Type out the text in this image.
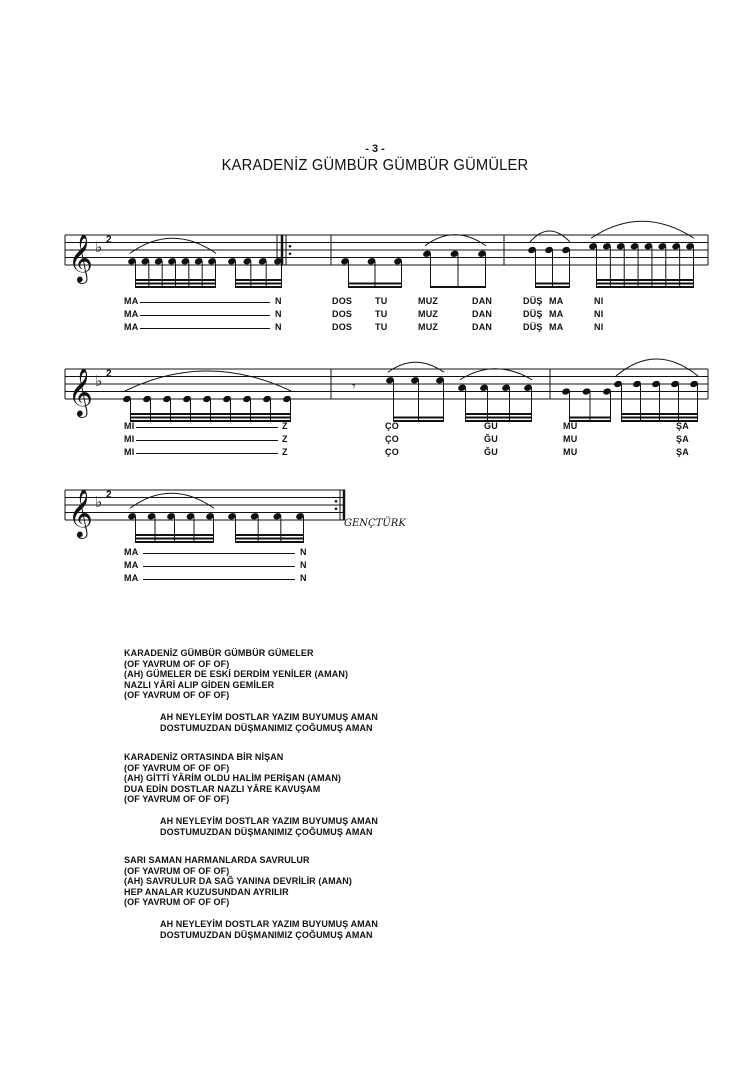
- 3 -
KARADENİZ GÜMBÜR GÜMBÜR GÜMÜLER
𝄞 ♭ 2
𝄞 ♭ 2
𝄞 ♭ 2
𝄾
MA	N	DOS	TU	MUZ	DAN	DÜŞ MA	NI
MA	N	DOS	TU	MUZ	DAN	DÜŞ MA	NI
MA	N	DOS	TU	MUZ	DAN	DÜŞ MA	NI
MI	Z	ÇO	ĞU	MU	ŞA
MI	Z	ÇO	ĞU	MU	ŞA
MI	Z	ÇO	ĞU	MU	ŞA
MA	N
MA	N
MA	N
GENÇTÜRK
KARADENİZ GÜMBÜR GÜMBÜR GÜMELER
(OF YAVRUM OF OF OF)
(AH) GÜMELER DE ESKİ DERDİM YENİLER (AMAN)
NAZLI YÂRİ ALIP GİDEN GEMİLER
(OF YAVRUM OF OF OF)
AH NEYLEYİM DOSTLAR YAZIM BUYUMUŞ AMAN
DOSTUMUZDAN DÜŞMANIMIZ ÇOĞUMUŞ AMAN
KARADENİZ ORTASINDA BİR NİŞAN
(OF YAVRUM OF OF OF)
(AH) GİTTİ YÂRİM OLDU HALİM PERİŞAN (AMAN)
DUA EDİN DOSTLAR NAZLI YÂRE KAVUŞAM
(OF YAVRUM OF OF OF)
AH NEYLEYİM DOSTLAR YAZIM BUYUMUŞ AMAN
DOSTUMUZDAN DÜŞMANIMIZ ÇOĞUMUŞ AMAN
SARI SAMAN HARMANLARDA SAVRULUR
(OF YAVRUM OF OF OF)
(AH) SAVRULUR DA SAĞ YANINA DEVRİLİR (AMAN)
HEP ANALAR KUZUSUNDAN AYRILIR
(OF YAVRUM OF OF OF)
AH NEYLEYİM DOSTLAR YAZIM BUYUMUŞ AMAN
DOSTUMUZDAN DÜŞMANIMIZ ÇOĞUMUŞ AMAN
